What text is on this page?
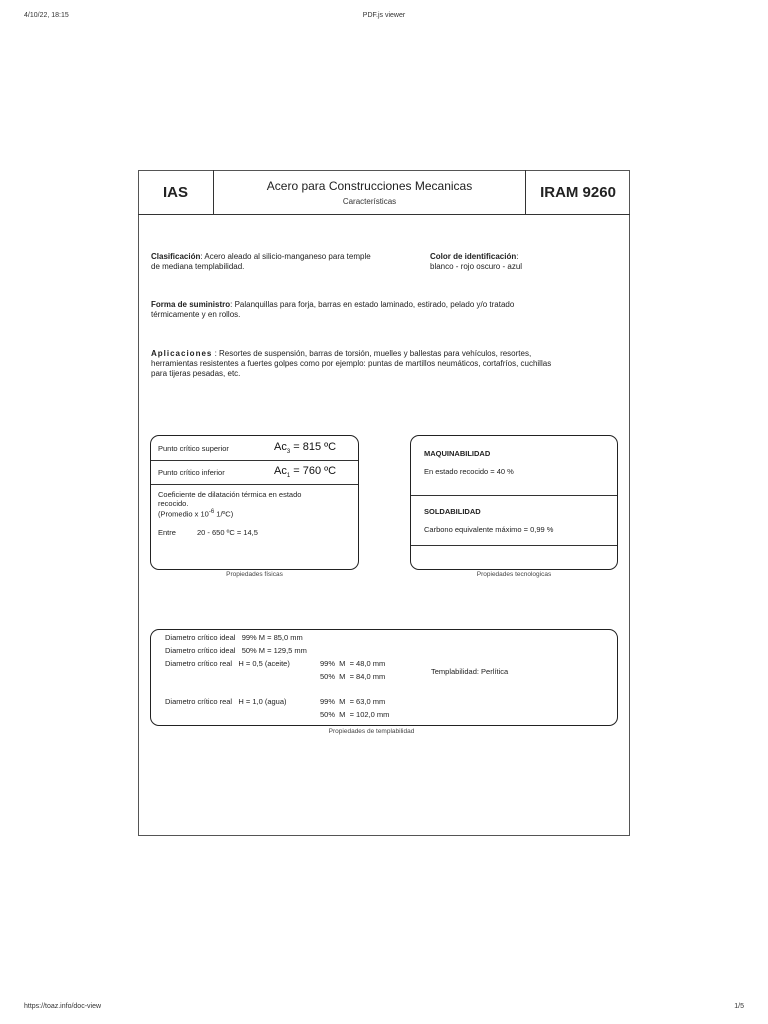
4/10/22, 18:15	PDF.js viewer
https://toaz.info/doc-view	1/5
IAS	Acero para Construcciones Mecanicas
Características
IRAM 9260
Clasificación: Acero aleado al silicio-manganeso para temple
de mediana templabilidad.
Color de identificación:
blanco - rojo oscuro - azul
Forma de suministro: Palanquillas para forja, barras en estado laminado, estirado, pelado y/o tratado
térmicamente y en rollos.
Aplicaciones : Resortes de suspensión, barras de torsión, muelles y ballestas para vehículos, resortes,
herramientas resistentes a fuertes golpes como por ejemplo: puntas de martillos neumáticos, cortafríos, cuchillas
para tijeras pesadas, etc.
Punto crítico superior	$Ac_3 = 815$ ºC
Punto crítico inferior	$Ac_1 = 760$ ºC
Coeficiente de dilatación térmica en estado
recocido.
(Promedio x $10^{-6}$ 1/ºC)
Entre	20 - 650 ºC = 14,5
Propiedades físicas
MAQUINABILIDAD
En estado recocido = 40 %
SOLDABILIDAD
Carbono equivalente máximo = 0,99 %
Propiedades tecnologicas
Diametro crítico ideal   99% M = 85,0 mm
Diametro crítico ideal   50% M = 129,5 mm
Diametro crítico real   H = 0,5 (aceite)	99%  M  = 48,0 mm
50%  M  = 84,0 mm
Templabilidad: Perlítica
Diametro crítico real   H = 1,0 (agua)	99%  M  = 63,0 mm
50%  M  = 102,0 mm
Propiedades de templabilidad
